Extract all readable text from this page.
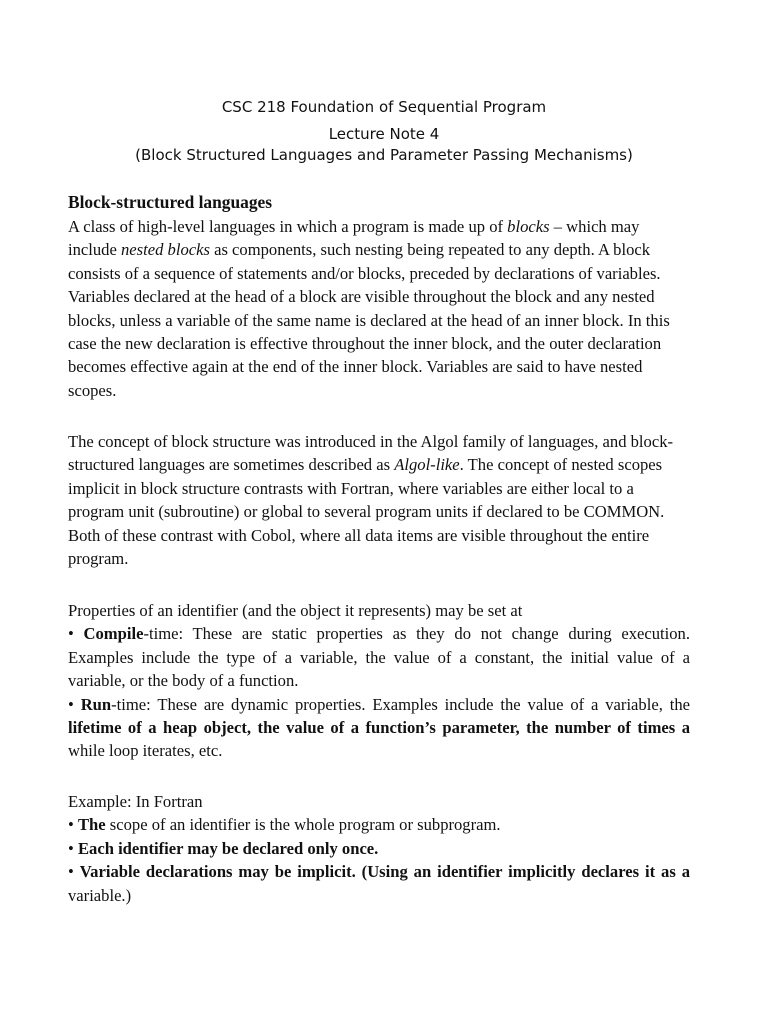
CSC 218 Foundation of Sequential Program
Lecture Note 4
(Block Structured Languages and Parameter Passing Mechanisms)
Block-structured languages

A class of high-level languages in which a program is made up of blocks – which may include nested blocks as components, such nesting being repeated to any depth. A block consists of a sequence of statements and/or blocks, preceded by declarations of variables. Variables declared at the head of a block are visible throughout the block and any nested blocks, unless a variable of the same name is declared at the head of an inner block. In this case the new declaration is effective throughout the inner block, and the outer declaration becomes effective again at the end of the inner block. Variables are said to have nested scopes.

The concept of block structure was introduced in the Algol family of languages, and block-structured languages are sometimes described as Algol-like. The concept of nested scopes implicit in block structure contrasts with Fortran, where variables are either local to a program unit (subroutine) or global to several program units if declared to be COMMON. Both of these contrast with Cobol, where all data items are visible throughout the entire program.

Properties of an identifier (and the object it represents) may be set at

• Compile-time: These are static properties as they do not change during execution. Examples include the type of a variable, the value of a constant, the initial value of a variable, or the body of a function.

• Run-time: These are dynamic properties. Examples include the value of a variable, the lifetime of a heap object, the value of a function’s parameter, the number of times a while loop iterates, etc.

Example: In Fortran

• The scope of an identifier is the whole program or subprogram.

• Each identifier may be declared only once.

• Variable declarations may be implicit. (Using an identifier implicitly declares it as a variable.)
